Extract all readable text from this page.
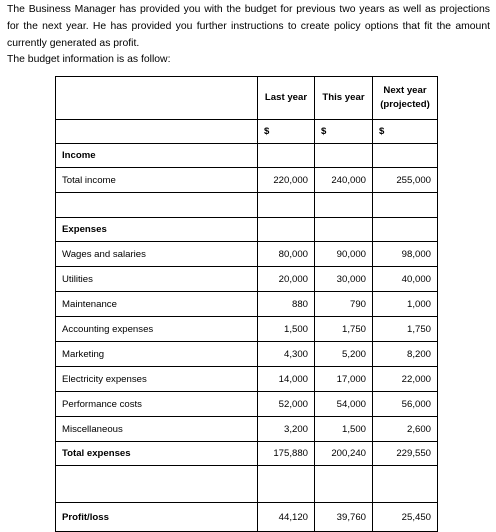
The Business Manager has provided you with the budget for previous two years as well as projections for the next year. He has provided you further instructions to create policy options that fit the amount currently generated as profit.

The budget information is as follow:

	Last year	This year	Next year
(projected)
	$	$	$
Income			
Total income	220,000	240,000	255,000

Expenses			
Wages and salaries	80,000	90,000	98,000
Utilities	20,000	30,000	40,000
Maintenance	880	790	1,000
Accounting expenses	1,500	1,750	1,750
Marketing	4,300	5,200	8,200
Electricity expenses	14,000	17,000	22,000
Performance costs	52,000	54,000	56,000
Miscellaneous	3,200	1,500	2,600
Total expenses	175,880	200,240	229,550

Profit/loss	44,120	39,760	25,450
